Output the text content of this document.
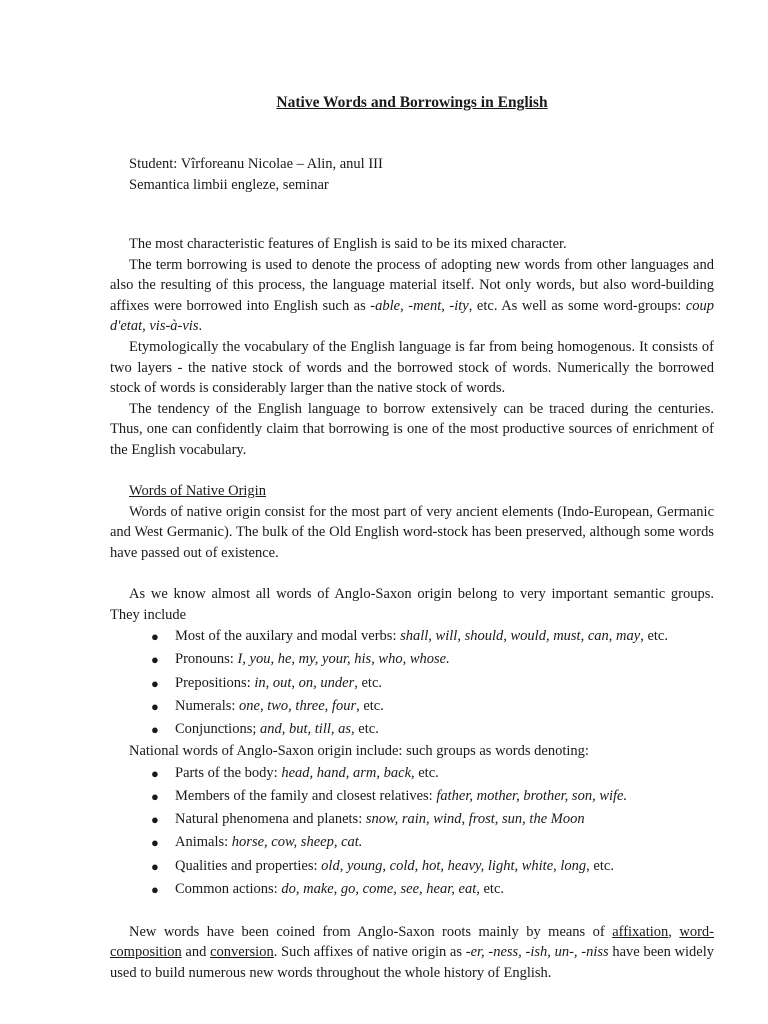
Native Words and Borrowings in English
Student: Vîrforeanu Nicolae – Alin, anul III
Semantica limbii engleze, seminar

The most characteristic features of English is said to be its mixed character.

The term borrowing is used to denote the process of adopting new words from other languages and also the resulting of this process, the language material itself. Not only words, but also word-building affixes were borrowed into English such as -able, -ment, -ity, etc. As well as some word-groups: coup d'etat, vis-à-vis.

Etymologically the vocabulary of the English language is far from being homogenous. It consists of two layers - the native stock of words and the borrowed stock of words. Numerically the borrowed stock of words is considerably larger than the native stock of words.

The tendency of the English language to borrow extensively can be traced during the centuries. Thus, one can confidently claim that borrowing is one of the most productive sources of enrichment of the English vocabulary.

Words of Native Origin

Words of native origin consist for the most part of very ancient elements (Indo-European, Germanic and West Germanic). The bulk of the Old English word-stock has been preserved, although some words have passed out of existence.

As we know almost all words of Anglo-Saxon origin belong to very important semantic groups. They include

● Most of the auxilary and modal verbs: shall, will, should, would, must, can, may, etc.
● Pronouns: I, you, he, my, your, his, who, whose.
● Prepositions: in, out, on, under, etc.
● Numerals: one, two, three, four, etc.
● Conjunctions; and, but, till, as, etc.

National words of Anglo-Saxon origin include: such groups as words denoting:

● Parts of the body: head, hand, arm, back, etc.
● Members of the family and closest relatives: father, mother, brother, son, wife.
● Natural phenomena and planets: snow, rain, wind, frost, sun, the Moon
● Animals: horse, cow, sheep, cat.
● Qualities and properties: old, young, cold, hot, heavy, light, white, long, etc.
● Common actions: do, make, go, come, see, hear, eat, etc.

New words have been coined from Anglo-Saxon roots mainly by means of affixation, word-composition and conversion. Such affixes of native origin as -er, -ness, -ish, un-, -niss have been widely used to build numerous new words throughout the whole history of English.
